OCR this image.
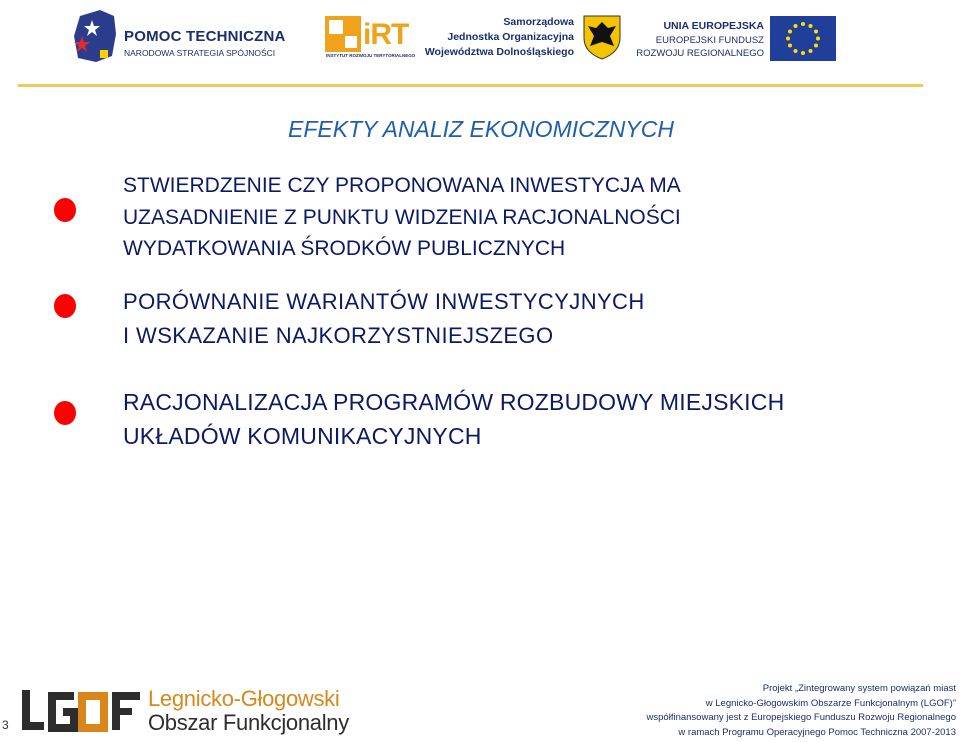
POMOC TECHNICZNA
NARODOWA STRATEGIA SPÓJNOŚCI
iRT
INSTYTUT ROZWOJU TERYTORIALNEGO
Samorządowa
Jednostka Organizacyjna
Województwa Dolnośląskiego
UNIA EUROPEJSKA
EUROPEJSKI FUNDUSZ
ROZWOJU REGIONALNEGO
EFEKTY ANALIZ EKONOMICZNYCH
STWIERDZENIE CZY PROPONOWANA INWESTYCJA MA
UZASADNIENIE Z PUNKTU WIDZENIA RACJONALNOŚCI
WYDATKOWANIA ŚRODKÓW PUBLICZNYCH
PORÓWNANIE WARIANTÓW INWESTYCYJNYCH
I WSKAZANIE NAJKORZYSTNIEJSZEGO
RACJONALIZACJA PROGRAMÓW ROZBUDOWY MIEJSKICH
UKŁADÓW KOMUNIKACYJNYCH
3
Legnicko-Głogowski
Obszar Funkcjonalny
Projekt „Zintegrowany system powiązań miast
w Legnicko-Głogowskim Obszarze Funkcjonalnym (LGOF)”
współfinansowany jest z Europejskiego Funduszu Rozwoju Regionalnego
w ramach Programu Operacyjnego Pomoc Techniczna 2007-2013
